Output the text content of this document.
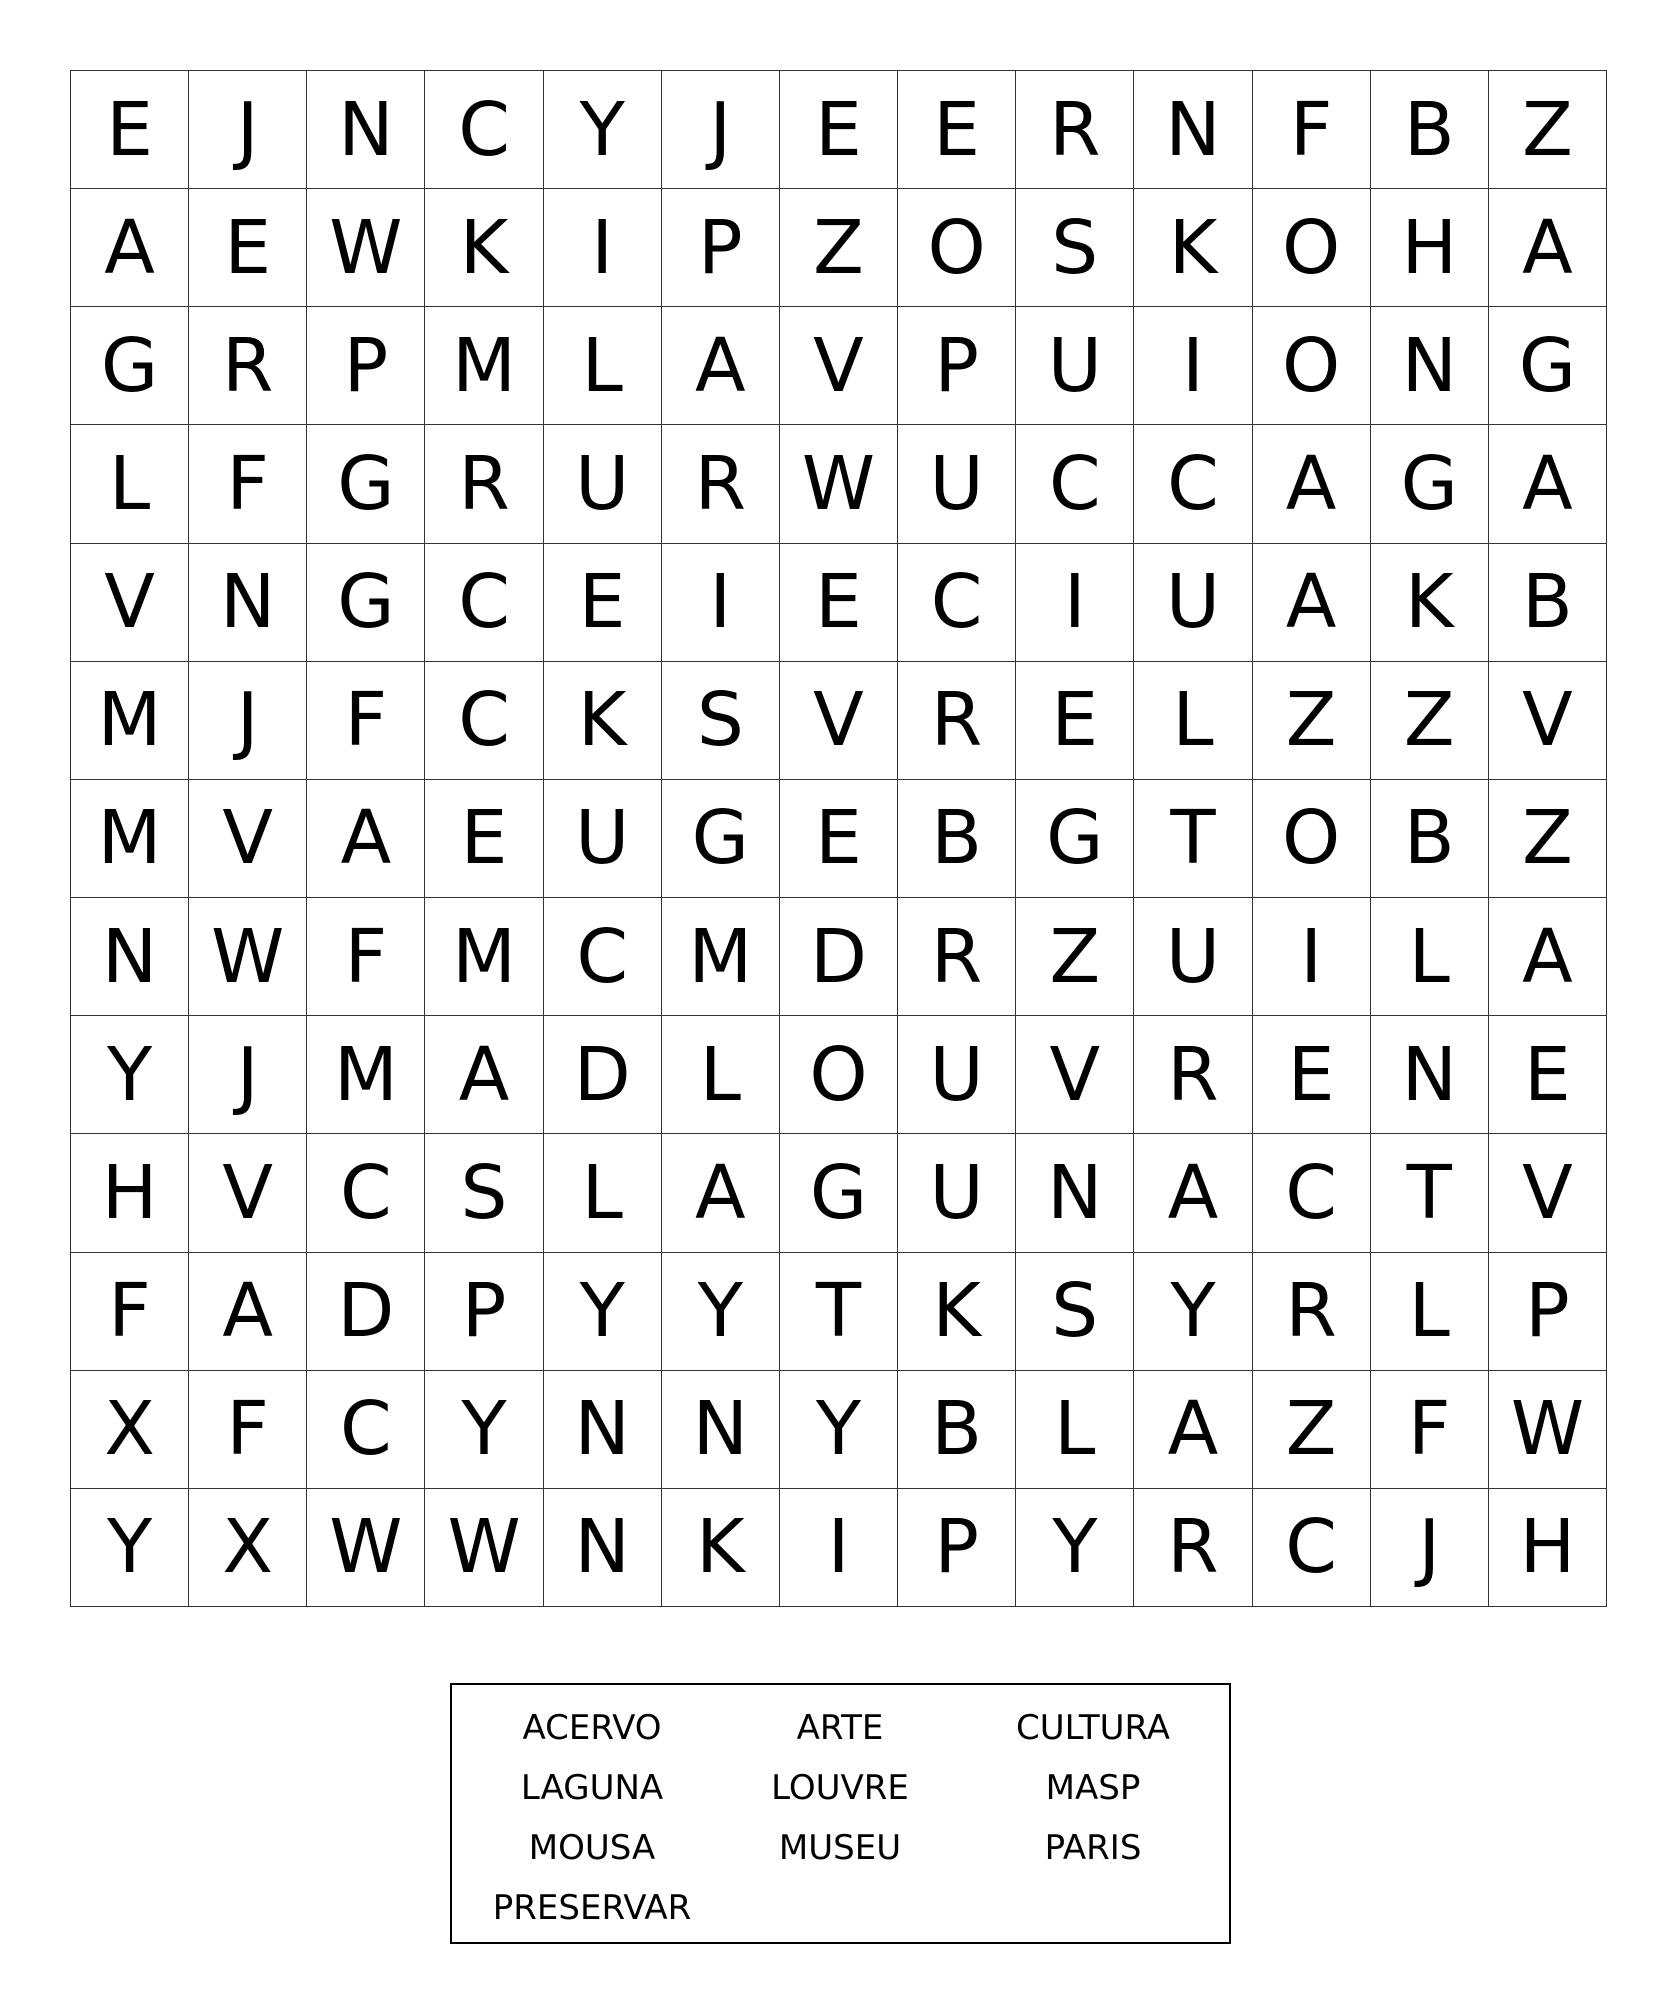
E	J	N C Y	J	E E R N F B Z
A E W K	I	P Z O S K O H A
G R P M L A V P U	I	O N G
L	F G R U R W U C C A G A
V N G C E	I	E C	I	U A K B
M	J	F C K S V R E	L Z Z V
M V A E U G E B G T O B Z
N W F M C M D R Z U	I	L A
Y	J	M A D L O U V R E N E
H V C S	L A G U N A C T V
F A D P Y Y T K S Y R L	P
X F C Y N N Y B L A Z F W
Y X W W N K	I	P Y R C	J	H
ACERVO	ARTE	CULTURA
LAGUNA	LOUVRE	MASP
MOUSA	MUSEU	PARIS
PRESERVAR
